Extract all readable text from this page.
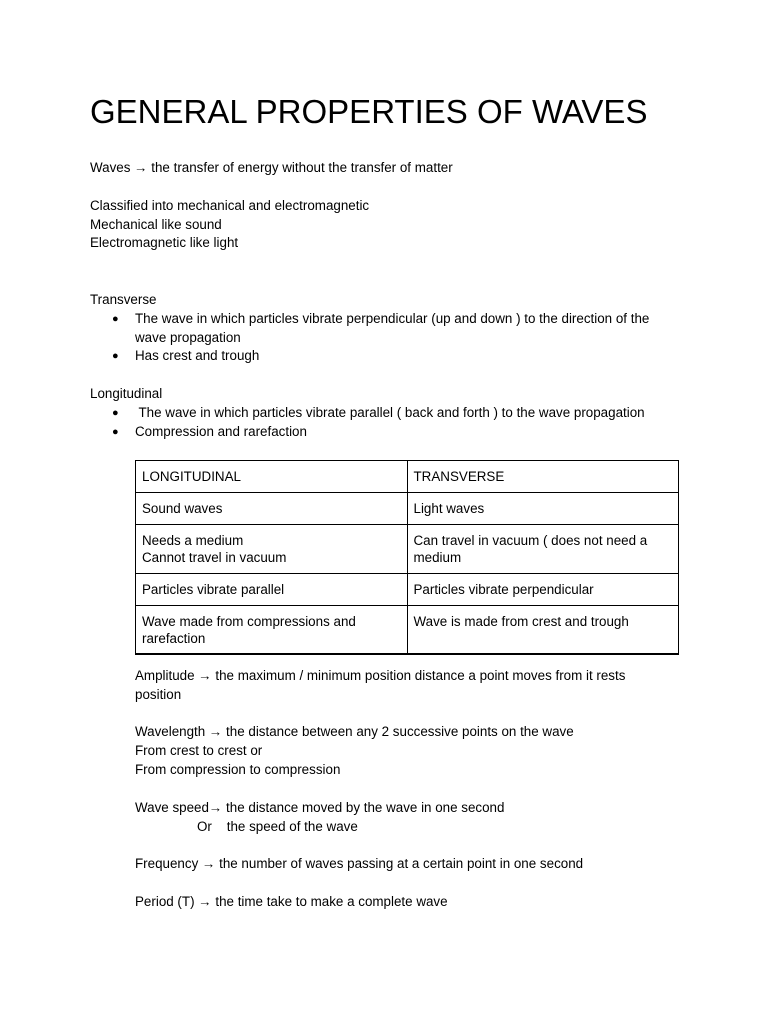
GENERAL PROPERTIES OF WAVES
Waves → the transfer of energy without the transfer of matter
Classified into mechanical and electromagnetic
Mechanical like sound
Electromagnetic like light
Transverse
● The wave in which particles vibrate perpendicular (up and down ) to the direction of the
wave propagation
● Has crest and trough
Longitudinal
● The wave in which particles vibrate parallel ( back and forth ) to the wave propagation
● Compression and rarefaction
LONGITUDINAL	TRANSVERSE

Sound waves	Light waves

Needs a medium
Cannot travel in vacuum	Can travel in vacuum ( does not need a
medium

Particles vibrate parallel	Particles vibrate perpendicular

Wave made from compressions and
rarefaction	Wave is made from crest and trough
Amplitude → the maximum / minimum position distance a point moves from it rests
position
Wavelength → the distance between any 2 successive points on the wave
From crest to crest or
From compression to compression
Wave speed→ the distance moved by the wave in one second
Or    the speed of the wave
Frequency → the number of waves passing at a certain point in one second
Period (T) → the time take to make a complete wave
